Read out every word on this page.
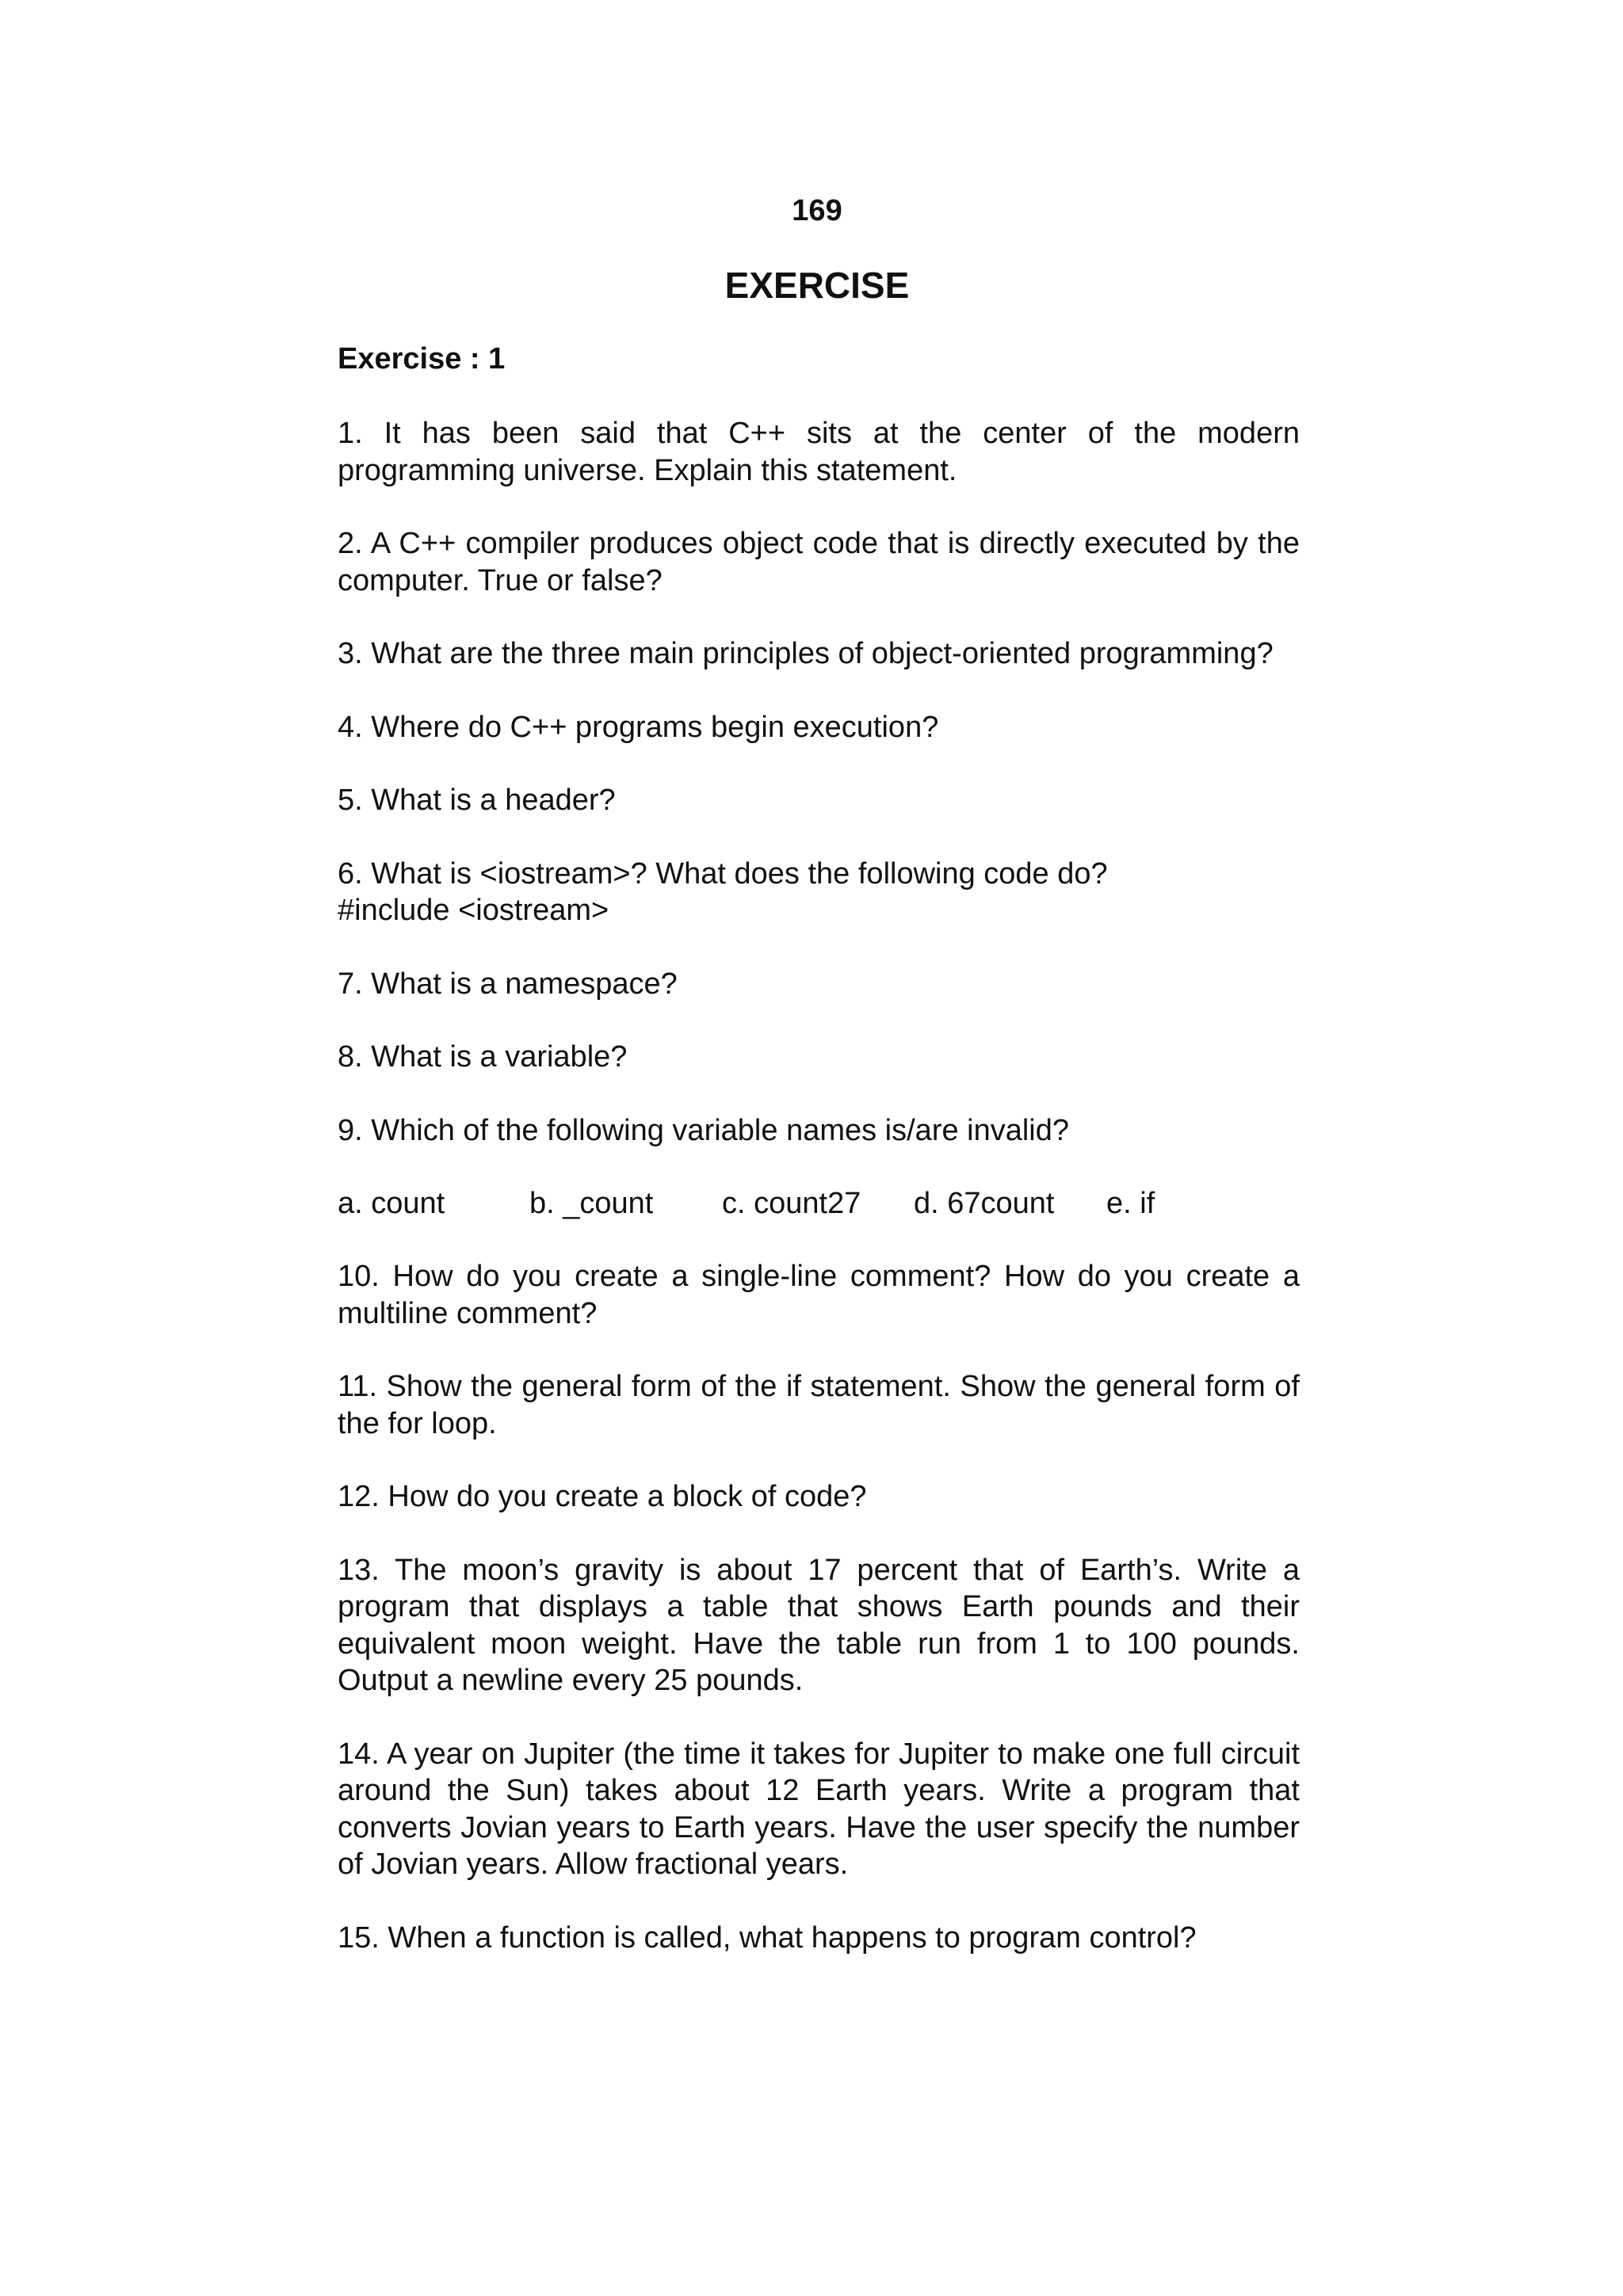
169
EXERCISE
Exercise : 1
1. It has been said that C++ sits at the center of the modern programming universe. Explain this statement.
2. A C++ compiler produces object code that is directly executed by the computer. True or false?
3. What are the three main principles of object-oriented programming?
4. Where do C++ programs begin execution?
5. What is a header?
6. What is <iostream>? What does the following code do?
#include <iostream>
7. What is a namespace?
8. What is a variable?
9. Which of the following variable names is/are invalid?
a. count	b. _count c. count27 d. 67count e. if
10. How do you create a single-line comment? How do you create a multiline comment?
11. Show the general form of the if statement. Show the general form of the for loop.
12. How do you create a block of code?
13. The moon’s gravity is about 17 percent that of Earth’s. Write a program that displays a table that shows Earth pounds and their equivalent moon weight. Have the table run from 1 to 100 pounds. Output a newline every 25 pounds.
14. A year on Jupiter (the time it takes for Jupiter to make one full circuit around the Sun) takes about 12 Earth years. Write a program that converts Jovian years to Earth years. Have the user specify the number of Jovian years. Allow fractional years.
15. When a function is called, what happens to program control?
